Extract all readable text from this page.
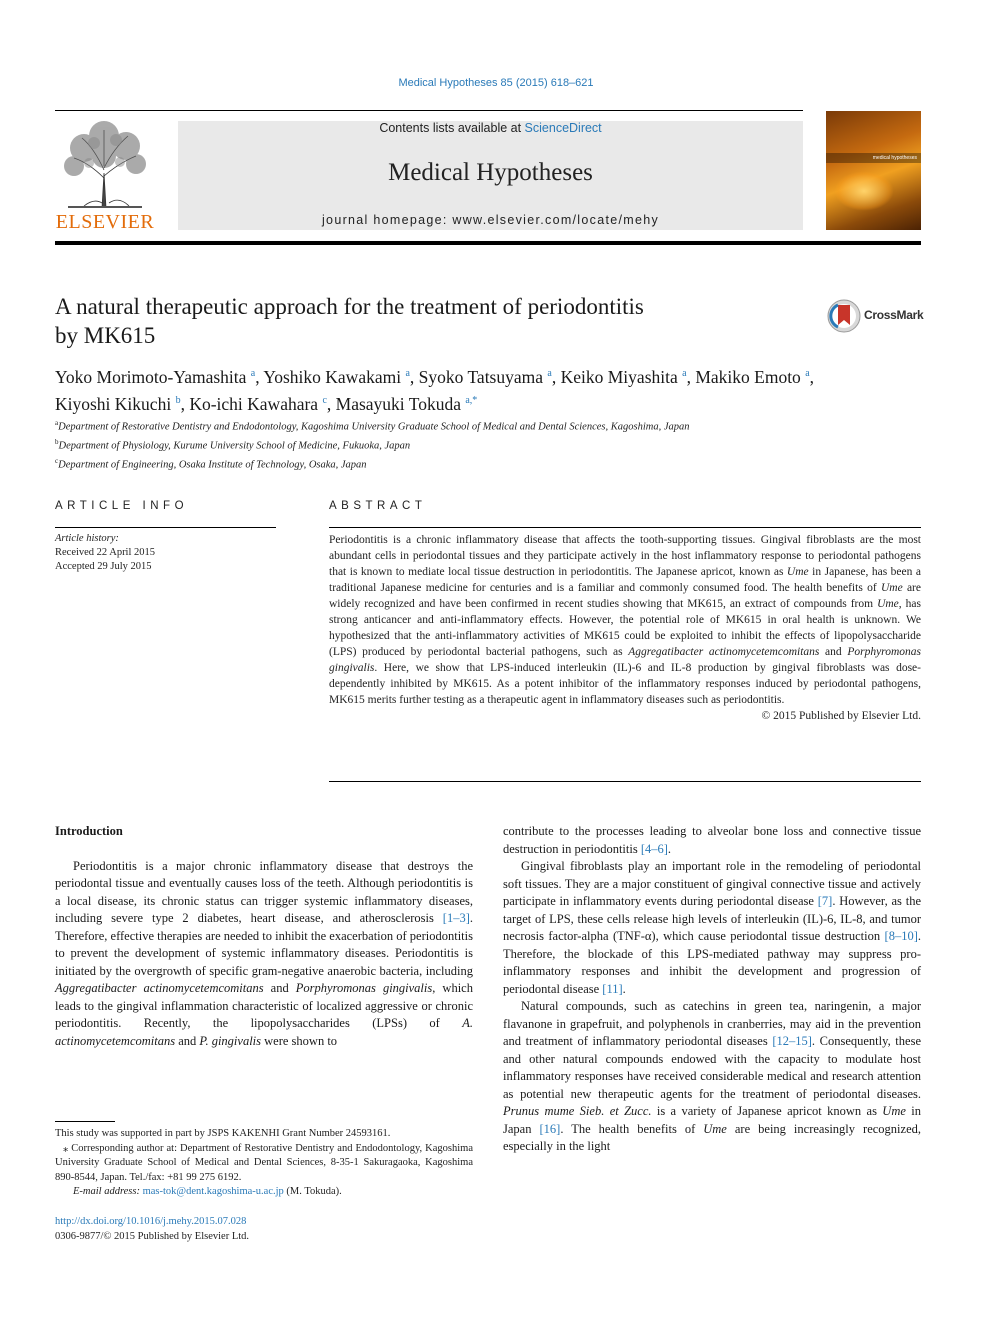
Medical Hypotheses 85 (2015) 618–621
ELSEVIER
Contents lists available at ScienceDirect
Medical Hypotheses
journal homepage: www.elsevier.com/locate/mehy
medical hypotheses
A natural therapeutic approach for the treatment of periodontitis
by MK615
CrossMark
Yoko Morimoto-Yamashita $^a$, Yoshiko Kawakami $^a$, Syoko Tatsuyama $^a$, Keiko Miyashita $^a$, Makiko Emoto $^a$,
Kiyoshi Kikuchi $^b$, Ko-ichi Kawahara $^c$, Masayuki Tokuda $^{a,*}$
$^a$Department of Restorative Dentistry and Endodontology, Kagoshima University Graduate School of Medical and Dental Sciences, Kagoshima, Japan
$^b$Department of Physiology, Kurume University School of Medicine, Fukuoka, Japan
$^c$Department of Engineering, Osaka Institute of Technology, Osaka, Japan
ARTICLE INFO
Article history:
Received 22 April 2015
Accepted 29 July 2015
ABSTRACT
Periodontitis is a chronic inflammatory disease that affects the tooth-supporting tissues. Gingival fibroblasts are the most abundant cells in periodontal tissues and they participate actively in the host inflammatory response to periodontal pathogens that is known to mediate local tissue destruction in periodontitis. The Japanese apricot, known as Ume in Japanese, has been a traditional Japanese medicine for centuries and is a familiar and commonly consumed food. The health benefits of Ume are widely recognized and have been confirmed in recent studies showing that MK615, an extract of compounds from Ume, has strong anticancer and anti-inflammatory effects. However, the potential role of MK615 in oral health is unknown. We hypothesized that the anti-inflammatory activities of MK615 could be exploited to inhibit the effects of lipopolysaccharide (LPS) produced by periodontal bacterial pathogens, such as Aggregatibacter actinomycetemcomitans and Porphyromonas gingivalis. Here, we show that LPS-induced interleukin (IL)-6 and IL-8 production by gingival fibroblasts was dose-dependently inhibited by MK615. As a potent inhibitor of the inflammatory responses induced by periodontal pathogens, MK615 merits further testing as a therapeutic agent in inflammatory diseases such as periodontitis.
© 2015 Published by Elsevier Ltd.

Introduction

Periodontitis is a major chronic inflammatory disease that destroys the periodontal tissue and eventually causes loss of the teeth. Although periodontitis is a local disease, its chronic status can trigger systemic inflammatory diseases, including severe type 2 diabetes, heart disease, and atherosclerosis [1–3]. Therefore, effective therapies are needed to inhibit the exacerbation of periodontitis to prevent the development of systemic inflammatory diseases. Periodontitis is initiated by the overgrowth of specific gram-negative anaerobic bacteria, including Aggregatibacter actinomycetemcomitans and Porphyromonas gingivalis, which leads to the gingival inflammation characteristic of localized aggressive or chronic periodontitis. Recently, the lipopolysaccharides (LPSs) of A. actinomycetemcomitans and P. gingivalis were shown to

This study was supported in part by JSPS KAKENHI Grant Number 24593161.

⁎ Corresponding author at: Department of Restorative Dentistry and Endodontology, Kagoshima University Graduate School of Medical and Dental Sciences, 8-35-1 Sakuragaoka, Kagoshima 890-8544, Japan. Tel./fax: +81 99 275 6192.

E-mail address: mas-tok@dent.kagoshima-u.ac.jp (M. Tokuda).

http://dx.doi.org/10.1016/j.mehy.2015.07.028

0306-9877/© 2015 Published by Elsevier Ltd.

contribute to the processes leading to alveolar bone loss and connective tissue destruction in periodontitis [4–6].

Gingival fibroblasts play an important role in the remodeling of periodontal soft tissues. They are a major constituent of gingival connective tissue and actively participate in inflammatory events during periodontal disease [7]. However, as the target of LPS, these cells release high levels of interleukin (IL)-6, IL-8, and tumor necrosis factor-alpha (TNF-α), which cause periodontal tissue destruction [8–10]. Therefore, the blockade of this LPS-mediated pathway may suppress pro-inflammatory responses and inhibit the development and progression of periodontal disease [11].

Natural compounds, such as catechins in green tea, naringenin, a major flavanone in grapefruit, and polyphenols in cranberries, may aid in the prevention and treatment of inflammatory periodontal diseases [12–15]. Consequently, these and other natural compounds endowed with the capacity to modulate host inflammatory responses have received considerable medical and research attention as potential new therapeutic agents for the treatment of periodontal diseases. Prunus mume Sieb. et Zucc. is a variety of Japanese apricot known as Ume in Japan [16]. The health benefits of Ume are being increasingly recognized, especially in the light
